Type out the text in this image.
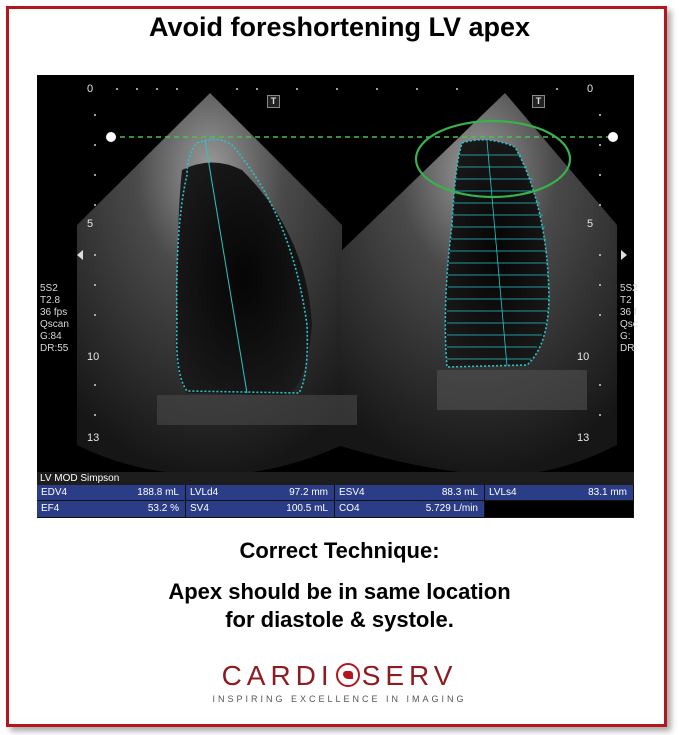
Avoid foreshortening LV apex
0
5
10
13
0
5
10
13
T	T
5S2
T2.8
36 fps
Qscan
G:84
DR:55
5S2
T2
36 f
Qsc
G:
DR:
LV MOD Simpson
EDV4	188.8 mL LVLd4	97.2 mm ESV4	88.3 mL LVLs4	83.1 mm
EF4	53.2 % SV4	100.5 mL CO4	5.729 L/min
Correct Technique:
Apex should be in same location
for diastole & systole.
CARDI SERV
INSPIRING EXCELLENCE IN IMAGING
